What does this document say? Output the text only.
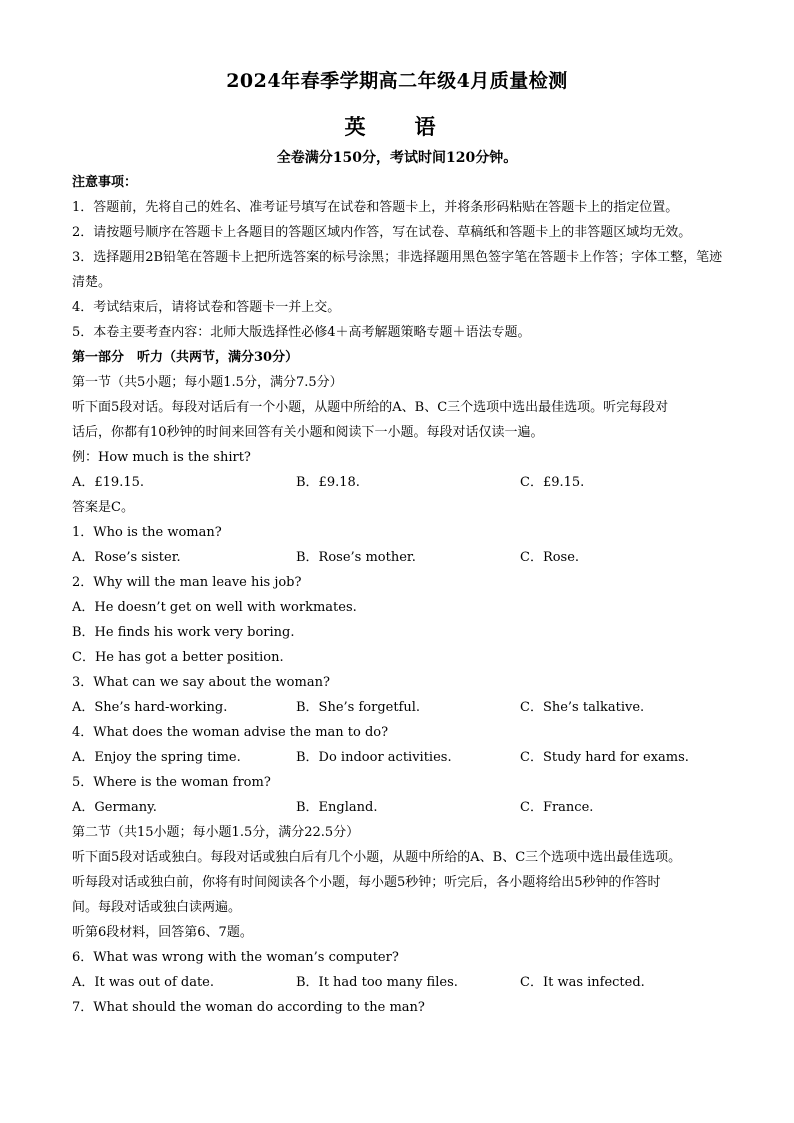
2024年春季学期高二年级4月质量检测
英　语
全卷满分150分，考试时间120分钟。
注意事项：
1．答题前，先将自己的姓名、准考证号填写在试卷和答题卡上，并将条形码粘贴在答题卡上的指定位置。
2．请按题号顺序在答题卡上各题目的答题区域内作答，写在试卷、草稿纸和答题卡上的非答题区域均无效。
3．选择题用2B铅笔在答题卡上把所选答案的标号涂黑；非选择题用黑色签字笔在答题卡上作答；字体工整，笔迹清楚。
4．考试结束后，请将试卷和答题卡一并上交。
5．本卷主要考查内容：北师大版选择性必修4＋高考解题策略专题＋语法专题。
第一部分　听力（共两节，满分30分）
第一节（共5小题；每小题1.5分，满分7.5分）
听下面5段对话。每段对话后有一个小题，从题中所给的A、B、C三个选项中选出最佳选项。听完每段对
话后，你都有10秒钟的时间来回答有关小题和阅读下一小题。每段对话仅读一遍。
例：How much is the shirt?
A．£19.15.	B．£9.18.	C．£9.15.
答案是C。
1．Who is the woman?
A．Rose’s sister.	B．Rose’s mother.	C．Rose.
2．Why will the man leave his job?
A．He doesn’t get on well with workmates.
B．He finds his work very boring.
C．He has got a better position.
3．What can we say about the woman?
A．She’s hard-working.	B．She’s forgetful.	C．She’s talkative.
4．What does the woman advise the man to do?
A．Enjoy the spring time.	B．Do indoor activities.	C．Study hard for exams.
5．Where is the woman from?
A．Germany.	B．England.	C．France.
第二节（共15小题；每小题1.5分，满分22.5分）
听下面5段对话或独白。每段对话或独白后有几个小题，从题中所给的A、B、C三个选项中选出最佳选项。
听每段对话或独白前，你将有时间阅读各个小题，每小题5秒钟；听完后，各小题将给出5秒钟的作答时
间。每段对话或独白读两遍。
听第6段材料，回答第6、7题。
6．What was wrong with the woman’s computer?
A．It was out of date.	B．It had too many files.	C．It was infected.
7．What should the woman do according to the man?
